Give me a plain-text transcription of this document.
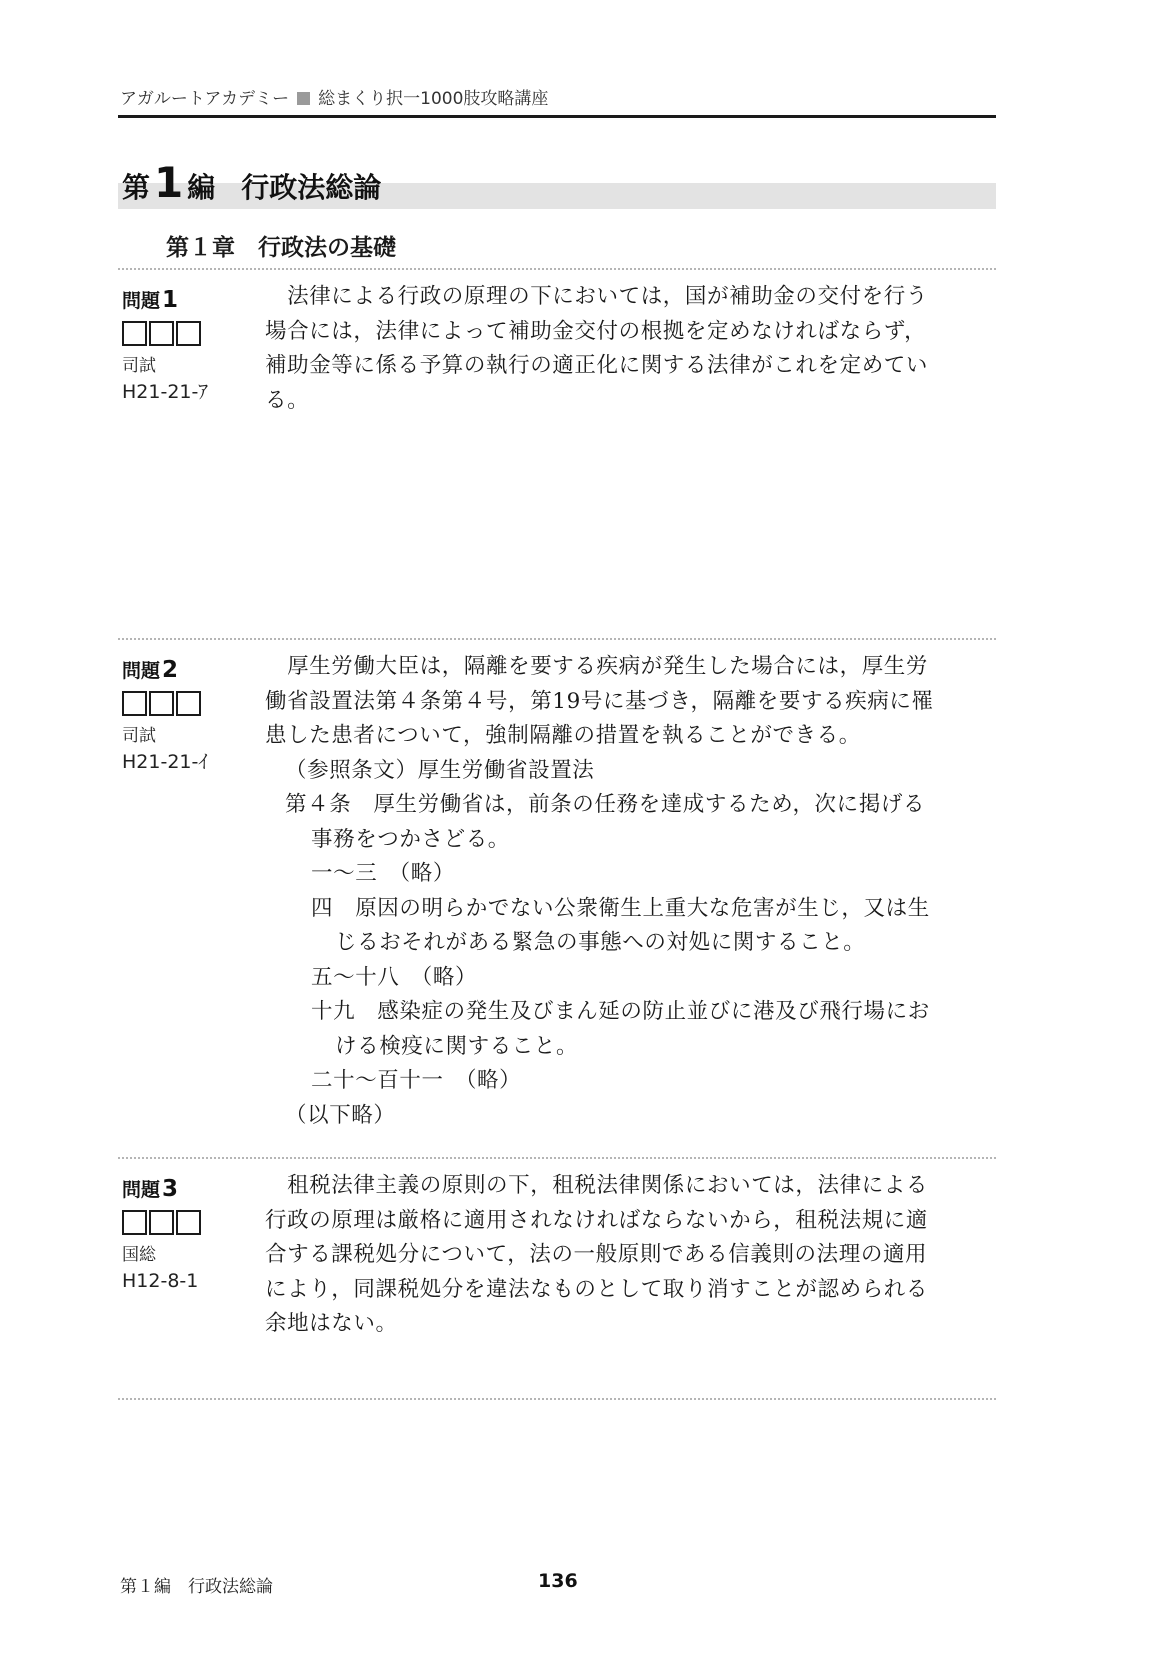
アガルートアカデミー 総まくり択一1000肢攻略講座
第1 編 行政法総論
第１章　行政法の基礎
問題1
司試
H21-21-ｱ
　法律による行政の原理の下においては，国が補助金の交付を行う
場合には，法律によって補助金交付の根拠を定めなければならず，
補助金等に係る予算の執行の適正化に関する法律がこれを定めてい
る。
問題2
司試
H21-21-ｲ
　厚生労働大臣は，隔離を要する疾病が発生した場合には，厚生労
働省設置法第４条第４号，第19号に基づき，隔離を要する疾病に罹
患した患者について，強制隔離の措置を執ることができる。
（参照条文）厚生労働省設置法
第４条　厚生労働省は，前条の任務を達成するため，次に掲げる
事務をつかさどる。
一～三　（略）
四　原因の明らかでない公衆衛生上重大な危害が生じ，又は生
じるおそれがある緊急の事態への対処に関すること。
五～十八　（略）
十九　感染症の発生及びまん延の防止並びに港及び飛行場にお
ける検疫に関すること。
二十～百十一　（略）
（以下略）
問題3
国総
H12-8-1
　租税法律主義の原則の下，租税法律関係においては，法律による
行政の原理は厳格に適用されなければならないから，租税法規に適
合する課税処分について，法の一般原則である信義則の法理の適用
により，同課税処分を違法なものとして取り消すことが認められる
余地はない。
第１編　行政法総論	136
